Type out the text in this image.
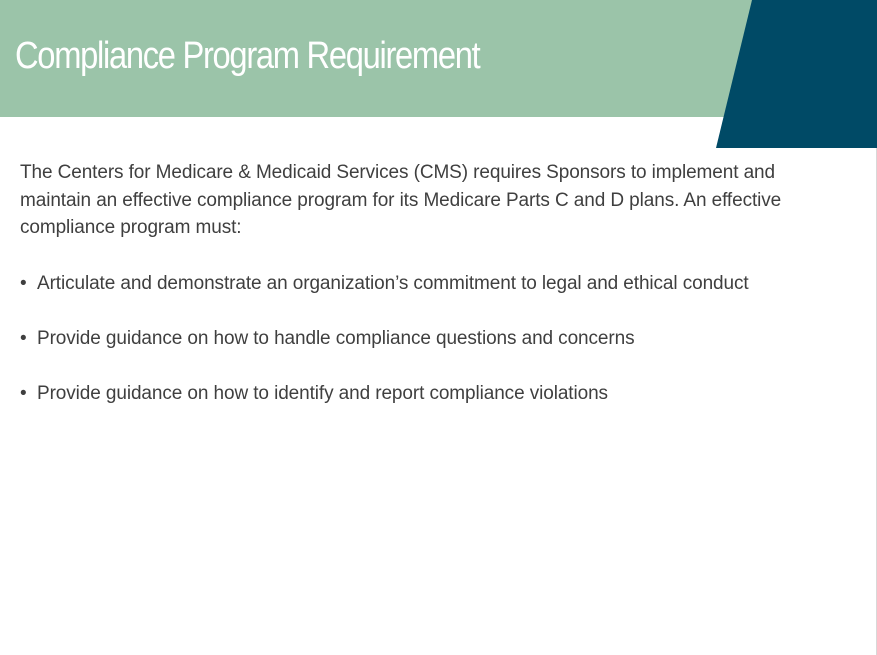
Compliance Program Requirement

The Centers for Medicare & Medicaid Services (CMS) requires Sponsors to implement and maintain an effective compliance program for its Medicare Parts C and D plans. An effective compliance program must:

• Articulate and demonstrate an organization’s commitment to legal and ethical conduct
• Provide guidance on how to handle compliance questions and concerns
• Provide guidance on how to identify and report compliance violations
